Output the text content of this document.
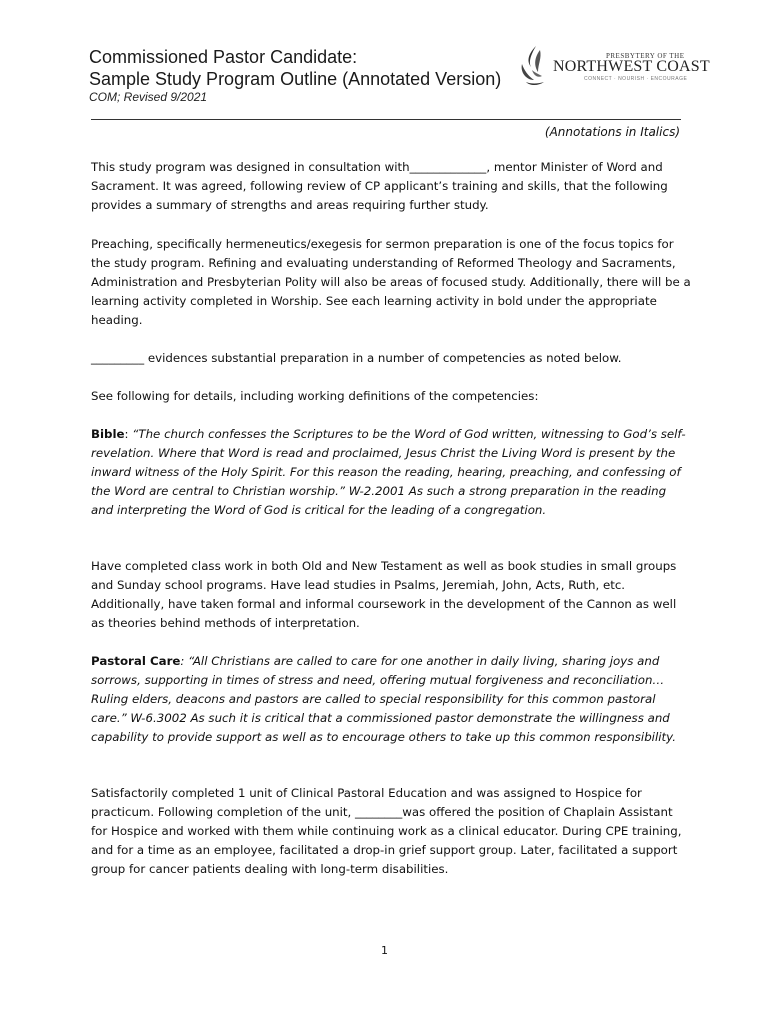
Commissioned Pastor Candidate:
Sample Study Program Outline (Annotated Version)
COM; Revised 9/2021
PRESBYTERY OF THE
NORTHWEST COAST
CONNECT · NOURISH · ENCOURAGE
(Annotations in Italics)

This study program was designed in consultation with_____________, mentor Minister of Word and Sacrament. It was agreed, following review of CP applicant’s training and skills, that the following provides a summary of strengths and areas requiring further study.

Preaching, specifically hermeneutics/exegesis for sermon preparation is one of the focus topics for the study program. Refining and evaluating understanding of Reformed Theology and Sacraments, Administration and Presbyterian Polity will also be areas of focused study. Additionally, there will be a learning activity completed in Worship. See each learning activity in bold under the appropriate heading.

_________ evidences substantial preparation in a number of competencies as noted below.

See following for details, including working definitions of the competencies:

Bible: “The church confesses the Scriptures to be the Word of God written, witnessing to God’s self-revelation. Where that Word is read and proclaimed, Jesus Christ the Living Word is present by the inward witness of the Holy Spirit. For this reason the reading, hearing, preaching, and confessing of the Word are central to Christian worship.” W-2.2001 As such a strong preparation in the reading and interpreting the Word of God is critical for the leading of a congregation.

Have completed class work in both Old and New Testament as well as book studies in small groups and Sunday school programs. Have lead studies in Psalms, Jeremiah, John, Acts, Ruth, etc. Additionally, have taken formal and informal coursework in the development of the Cannon as well as theories behind methods of interpretation.

Pastoral Care: “All Christians are called to care for one another in daily living, sharing joys and sorrows, supporting in times of stress and need, offering mutual forgiveness and reconciliation…Ruling elders, deacons and pastors are called to special responsibility for this common pastoral care.” W-6.3002 As such it is critical that a commissioned pastor demonstrate the willingness and capability to provide support as well as to encourage others to take up this common responsibility.

Satisfactorily completed 1 unit of Clinical Pastoral Education and was assigned to Hospice for practicum. Following completion of the unit, ________was offered the position of Chaplain Assistant for Hospice and worked with them while continuing work as a clinical educator. During CPE training, and for a time as an employee, facilitated a drop-in grief support group. Later, facilitated a support group for cancer patients dealing with long-term disabilities.

1
